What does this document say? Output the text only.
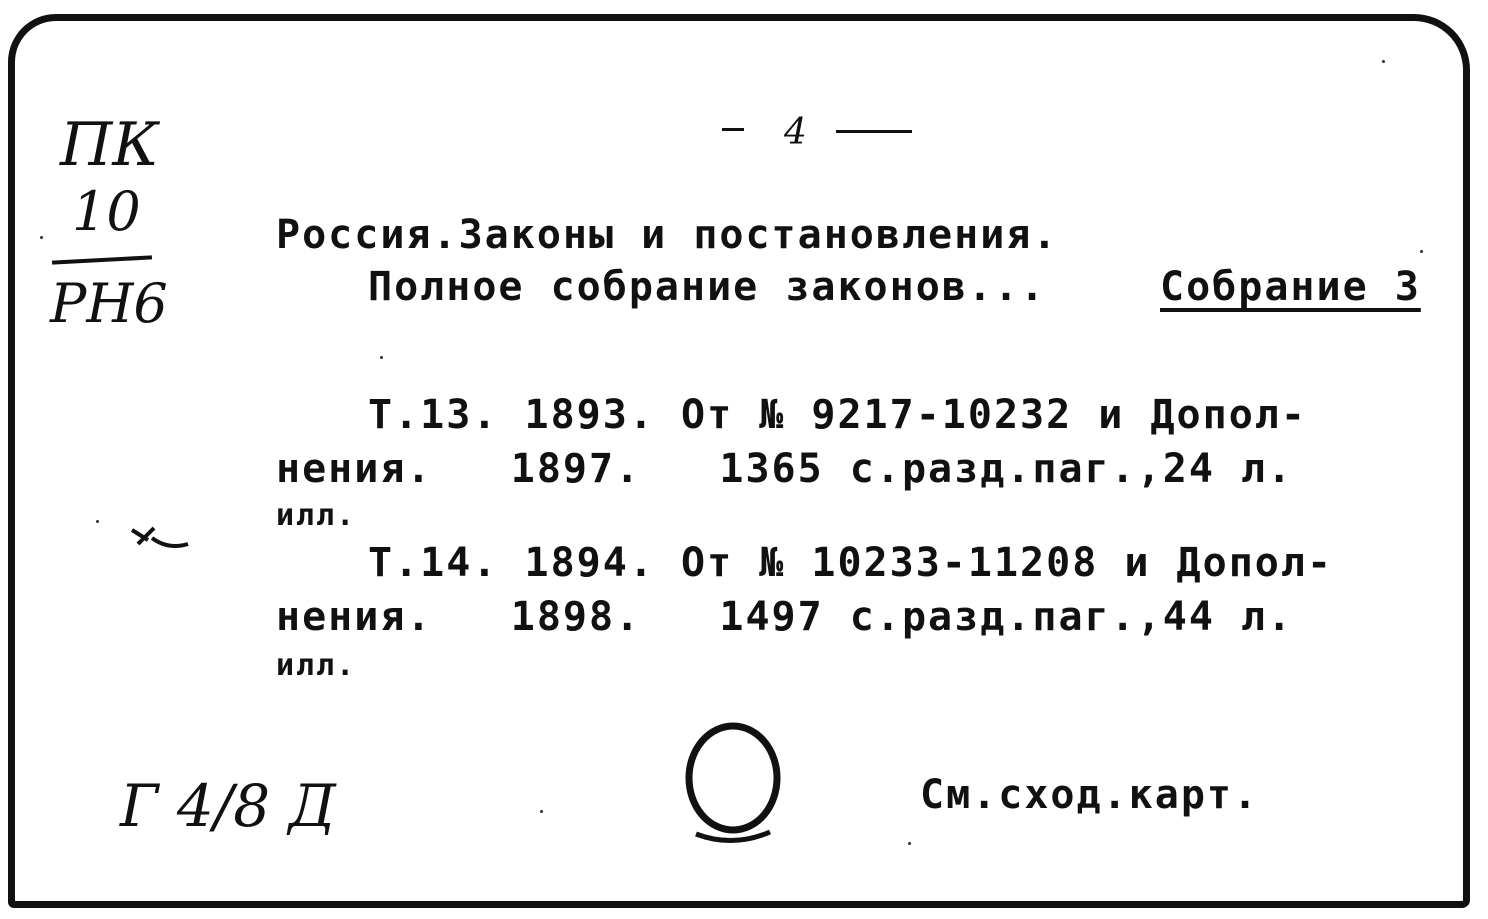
ПК
10
РН6
4
Россия.Законы и постановления.
Полное собрание законов...	Собрание 3
Т.13. 1893. От № 9217-10232 и Допол-
нения.   1897.   1365 с.разд.паг.,24 л.
илл.
Т.14. 1894. От № 10233-11208 и Допол-
нения.   1898.   1497 с.разд.паг.,44 л.
илл.
См.сход.карт.
Г 4/8 Д
